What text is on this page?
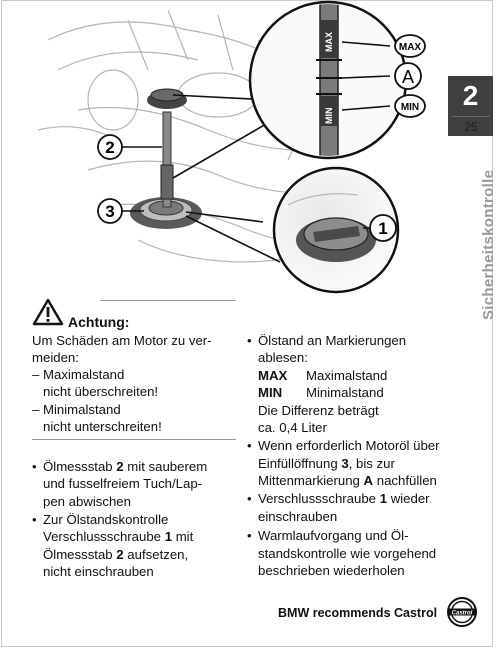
MAX
MIN
MAX
A
MIN
1
2
3
2
25
Sicherheitskontrolle
Achtung:
Um Schäden am Motor zu ver-
meiden:
– Maximalstand
nicht überschreiten!
– Minimalstand
nicht unterschreiten!
• Ölmessstab 2 mit sauberem
und fusselfreiem Tuch/Lap-
pen abwischen
• Zur Ölstandskontrolle
Verschlussschraube 1 mit
Ölmessstab 2 aufsetzen,
nicht einschrauben
• Ölstand an Markierungen
ablesen:
MAX Maximalstand
MIN Minimalstand
Die Differenz beträgt
ca. 0,4 Liter
• Wenn erforderlich Motoröl über
Einfüllöffnung 3, bis zur
Mittenmarkierung A nachfüllen
• Verschlussschraube 1 wieder
einschrauben
• Warmlaufvorgang und Öl-
standskontrolle wie vorgehend
beschrieben wiederholen
BMW recommends Castrol Castrol
